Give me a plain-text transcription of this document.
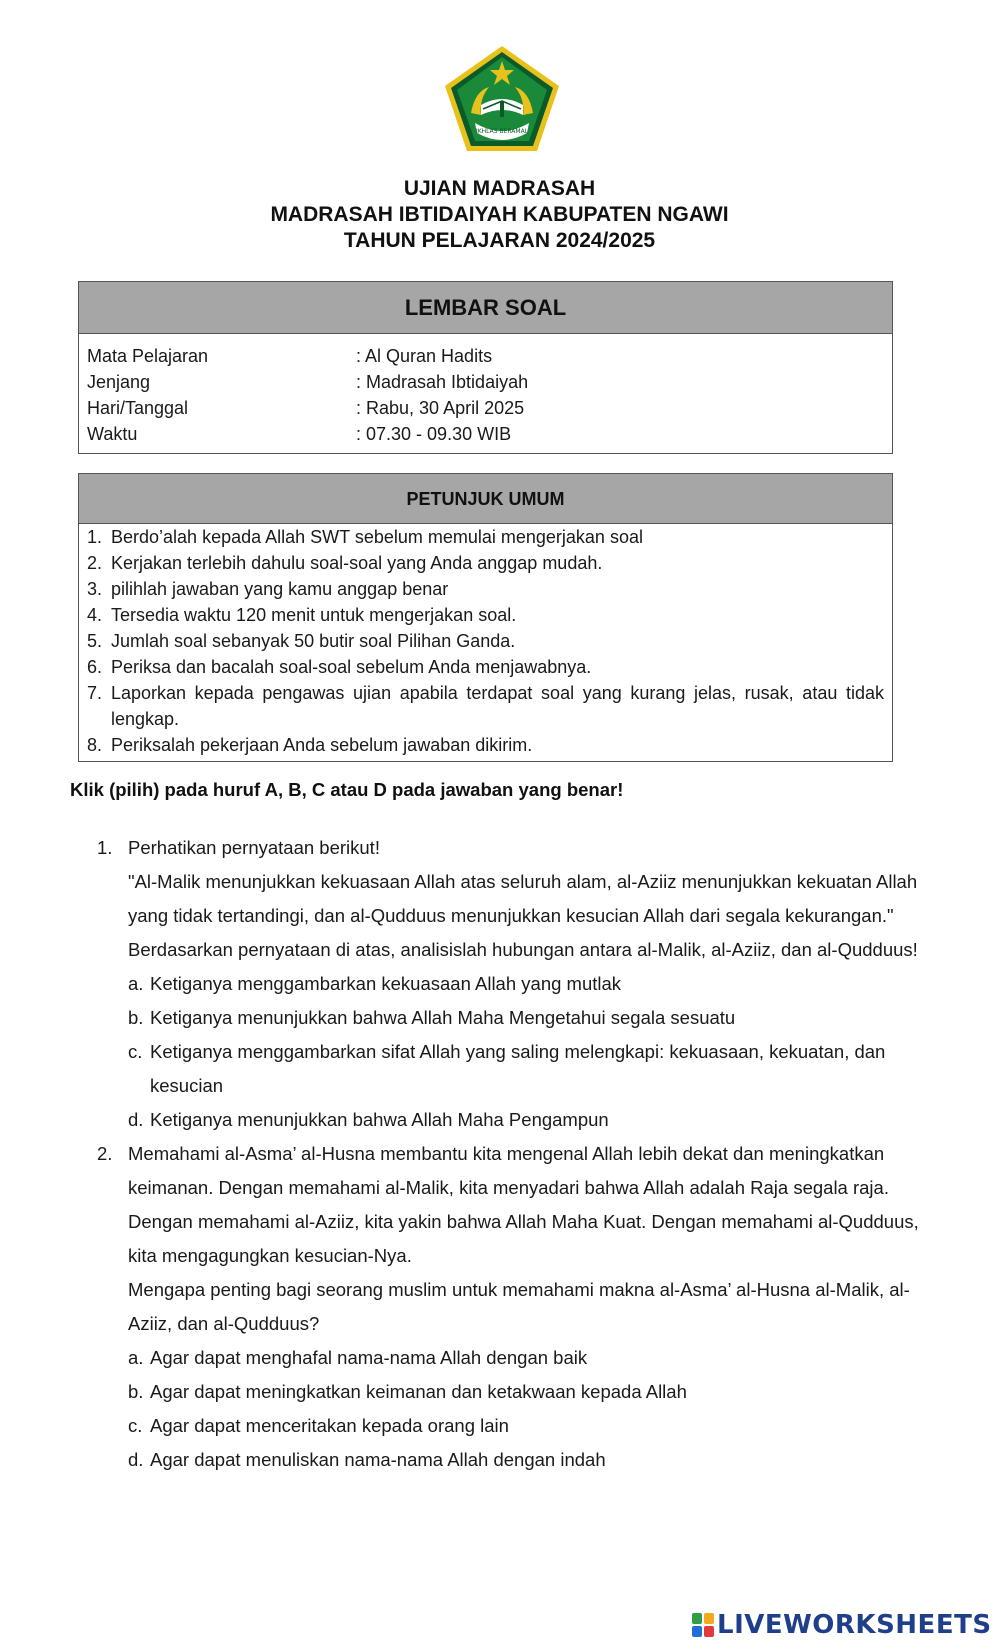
IKHLAS BERAMAL
UJIAN MADRASAH
MADRASAH IBTIDAIYAH KABUPATEN NGAWI
TAHUN PELAJARAN 2024/2025
LEMBAR SOAL
Mata Pelajaran	: Al Quran Hadits
Jenjang	: Madrasah Ibtidaiyah
Hari/Tanggal	: Rabu, 30 April 2025
Waktu	: 07.30 - 09.30 WIB
PETUNJUK UMUM
1. Berdo’alah kepada Allah SWT sebelum memulai mengerjakan soal
2. Kerjakan terlebih dahulu soal-soal yang Anda anggap mudah.
3. pilihlah jawaban yang kamu anggap benar
4. Tersedia waktu 120 menit untuk mengerjakan soal.
5. Jumlah soal sebanyak 50 butir soal Pilihan Ganda.
6. Periksa dan bacalah soal-soal sebelum Anda menjawabnya.
7. Laporkan kepada pengawas ujian apabila terdapat soal yang kurang jelas, rusak, atau tidak lengkap.
8. Periksalah pekerjaan Anda sebelum jawaban dikirim.
Klik (pilih) pada huruf A, B, C atau D pada jawaban yang benar!
1. Perhatikan pernyataan berikut!
"Al-Malik menunjukkan kekuasaan Allah atas seluruh alam, al-Aziiz menunjukkan kekuatan Allah yang tidak tertandingi, dan al-Qudduus menunjukkan kesucian Allah dari segala kekurangan."
Berdasarkan pernyataan di atas, analisislah hubungan antara al-Malik, al-Aziiz, dan al-Qudduus!
a. Ketiganya menggambarkan kekuasaan Allah yang mutlak
b. Ketiganya menunjukkan bahwa Allah Maha Mengetahui segala sesuatu
c. Ketiganya menggambarkan sifat Allah yang saling melengkapi: kekuasaan, kekuatan, dan kesucian
d. Ketiganya menunjukkan bahwa Allah Maha Pengampun
2. Memahami al-Asma’ al-Husna membantu kita mengenal Allah lebih dekat dan meningkatkan keimanan. Dengan memahami al-Malik, kita menyadari bahwa Allah adalah Raja segala raja. Dengan memahami al-Aziiz, kita yakin bahwa Allah Maha Kuat. Dengan memahami al-Qudduus, kita mengagungkan kesucian-Nya.
Mengapa penting bagi seorang muslim untuk memahami makna al-Asma’ al-Husna al-Malik, al-Aziiz, dan al-Qudduus?
a. Agar dapat menghafal nama-nama Allah dengan baik
b. Agar dapat meningkatkan keimanan dan ketakwaan kepada Allah
c. Agar dapat menceritakan kepada orang lain
d. Agar dapat menuliskan nama-nama Allah dengan indah
LIVEWORKSHEETS
